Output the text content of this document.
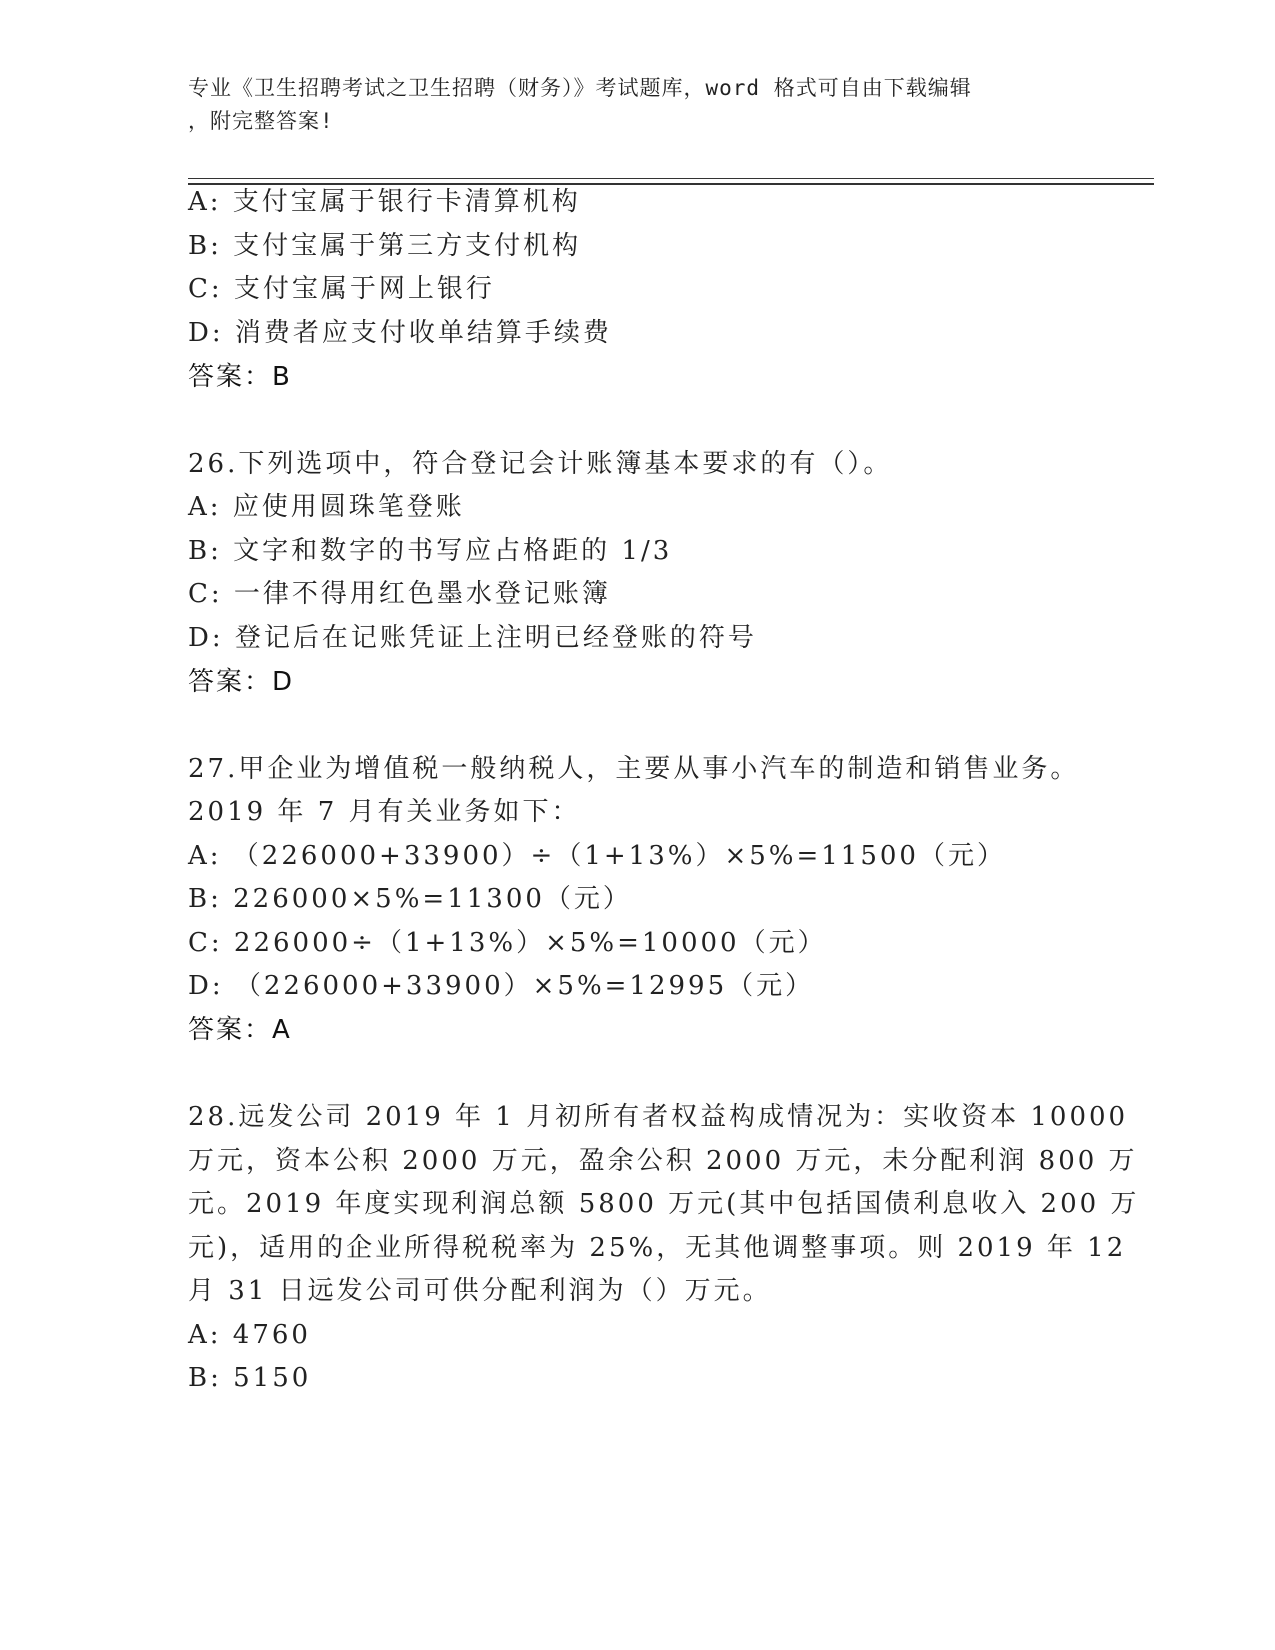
专业《卫生招聘考试之卫生招聘（财务）》考试题库，word 格式可自由下载编辑
，附完整答案!
A: 支付宝属于银行卡清算机构
B: 支付宝属于第三方支付机构
C: 支付宝属于网上银行
D: 消费者应支付收单结算手续费
答案：B
26.下列选项中，符合登记会计账簿基本要求的有（）。
A: 应使用圆珠笔登账
B: 文字和数字的书写应占格距的 1/3
C: 一律不得用红色墨水登记账簿
D: 登记后在记账凭证上注明已经登账的符号
答案：D
27.甲企业为增值税一般纳税人，主要从事小汽车的制造和销售业务。
2019 年 7 月有关业务如下：
A: （226000+33900）÷（1+13%）×5%=11500（元）
B: 226000×5%=11300（元）
C: 226000÷（1+13%）×5%=10000（元）
D: （226000+33900）×5%=12995（元）
答案：A
28.远发公司 2019 年 1 月初所有者权益构成情况为：实收资本 10000
万元，资本公积 2000 万元，盈余公积 2000 万元，未分配利润 800 万
元。2019 年度实现利润总额 5800 万元(其中包括国债利息收入 200 万
元)，适用的企业所得税税率为 25%，无其他调整事项。则 2019 年 12
月 31 日远发公司可供分配利润为（）万元。
A: 4760
B: 5150
